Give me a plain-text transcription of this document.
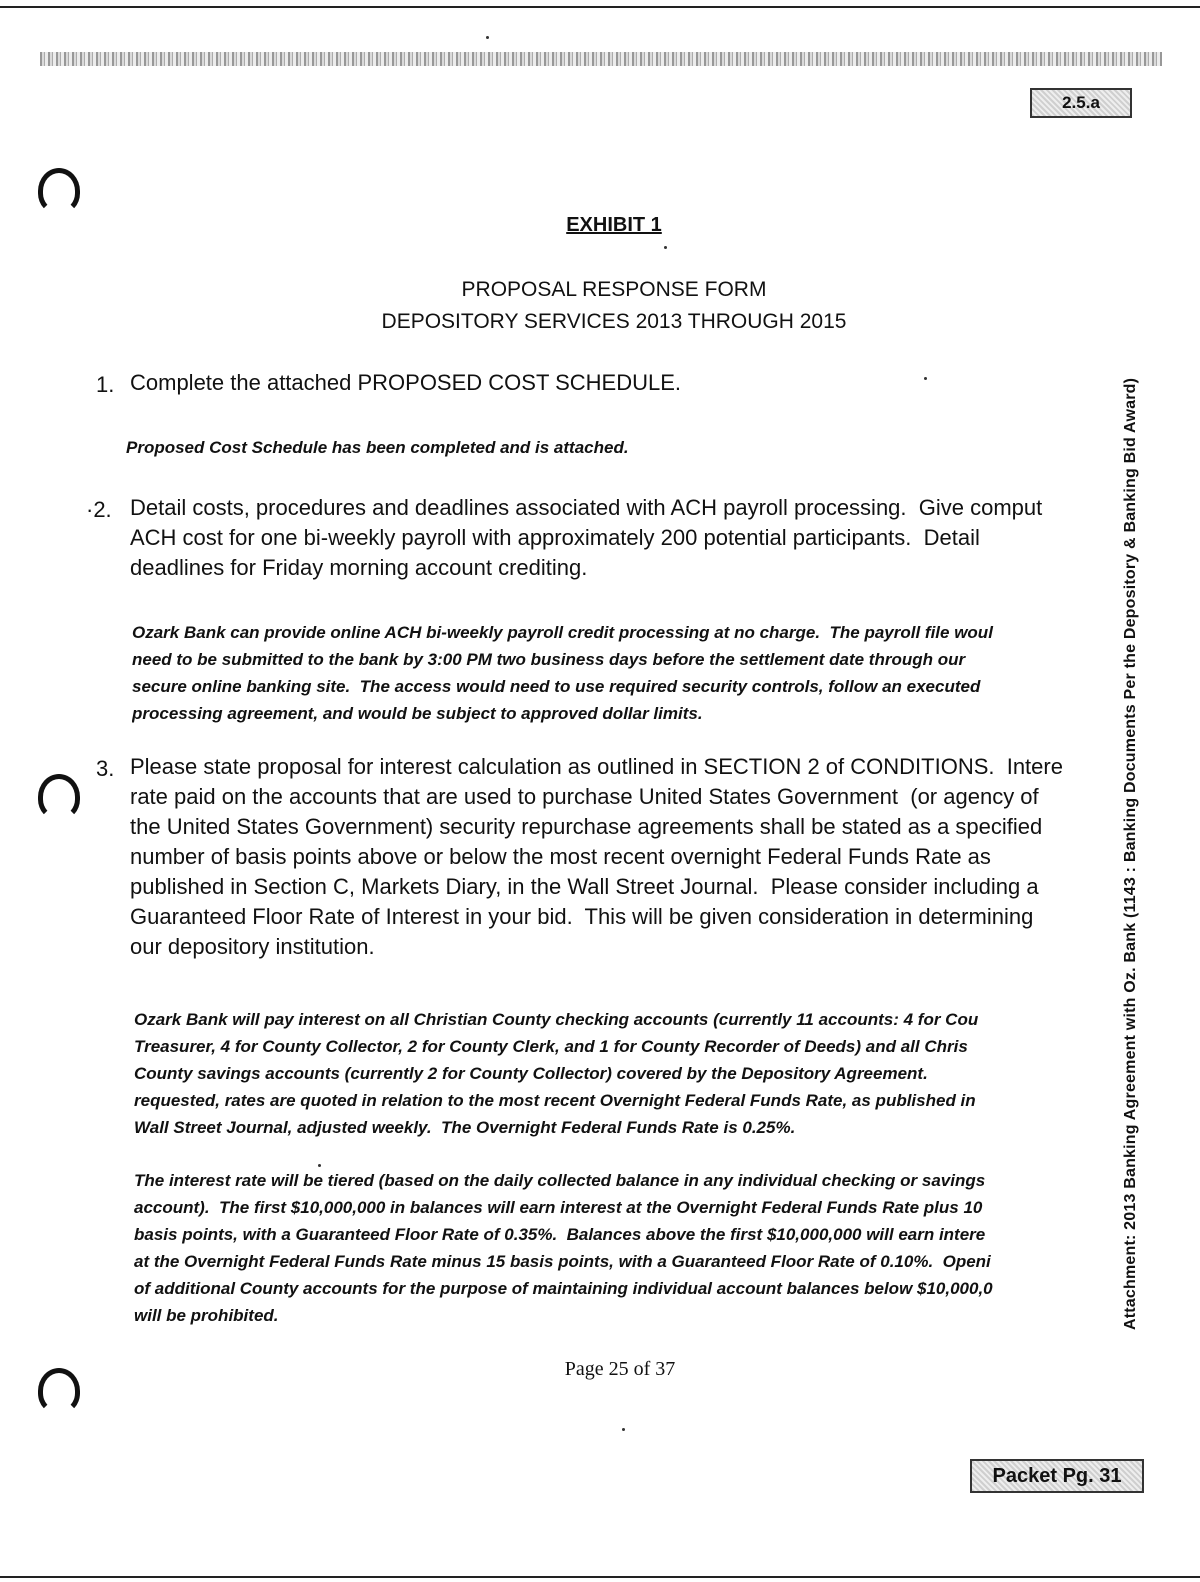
2.5.a
Attachment: 2013 Banking Agreement with Oz. Bank (1143 : Banking Documents Per the Depository & Banking Bid Award)
EXHIBIT 1
PROPOSAL RESPONSE FORM
DEPOSITORY SERVICES 2013 THROUGH 2015
1. Complete the attached PROPOSED COST SCHEDULE.
Proposed Cost Schedule has been completed and is attached.
·2. Detail costs, procedures and deadlines associated with ACH payroll processing.  Give comput
ACH cost for one bi-weekly payroll with approximately 200 potential participants.  Detail
deadlines for Friday morning account crediting.
Ozark Bank can provide online ACH bi-weekly payroll credit processing at no charge.  The payroll file woul
need to be submitted to the bank by 3:00 PM two business days before the settlement date through our
secure online banking site.  The access would need to use required security controls, follow an executed
processing agreement, and would be subject to approved dollar limits.
3. Please state proposal for interest calculation as outlined in SECTION 2 of CONDITIONS.  Intere
rate paid on the accounts that are used to purchase United States Government  (or agency of
the United States Government) security repurchase agreements shall be stated as a specified
number of basis points above or below the most recent overnight Federal Funds Rate as
published in Section C, Markets Diary, in the Wall Street Journal.  Please consider including a
Guaranteed Floor Rate of Interest in your bid.  This will be given consideration in determining
our depository institution.
Ozark Bank will pay interest on all Christian County checking accounts (currently 11 accounts: 4 for Cou
Treasurer, 4 for County Collector, 2 for County Clerk, and 1 for County Recorder of Deeds) and all Chris
County savings accounts (currently 2 for County Collector) covered by the Depository Agreement.
requested, rates are quoted in relation to the most recent Overnight Federal Funds Rate, as published in
Wall Street Journal, adjusted weekly.  The Overnight Federal Funds Rate is 0.25%.
The interest rate will be tiered (based on the daily collected balance in any individual checking or savings
account).  The first $10,000,000 in balances will earn interest at the Overnight Federal Funds Rate plus 10
basis points, with a Guaranteed Floor Rate of 0.35%.  Balances above the first $10,000,000 will earn intere
at the Overnight Federal Funds Rate minus 15 basis points, with a Guaranteed Floor Rate of 0.10%.  Openi
of additional County accounts for the purpose of maintaining individual account balances below $10,000,0
will be prohibited.
Page 25 of 37
Packet Pg. 31
